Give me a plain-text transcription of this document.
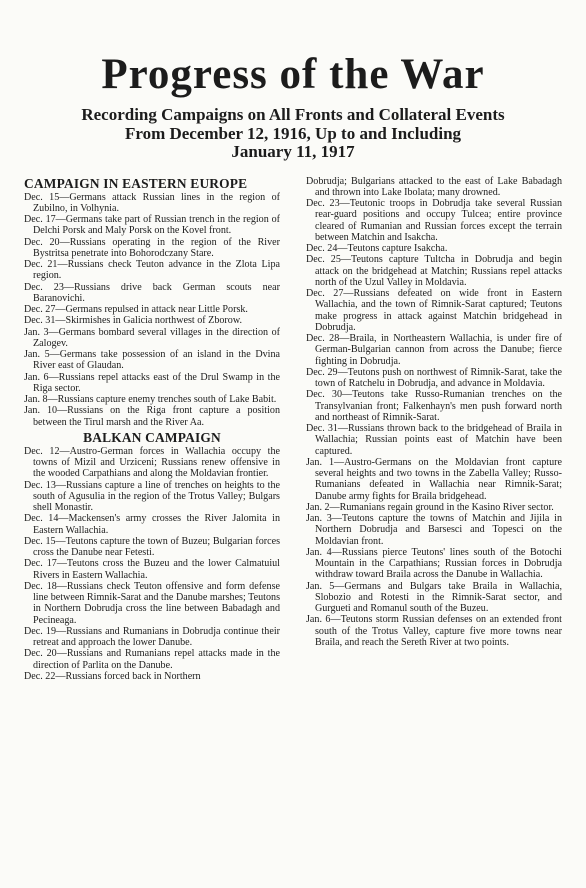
Progress of the War
Recording Campaigns on All Fronts and Collateral Events
From December 12, 1916, Up to and Including
January 11, 1917
CAMPAIGN IN EASTERN EUROPE

Dec. 15—Germans attack Russian lines in the region of Zubilno, in Volhynia.

Dec. 17—Germans take part of Russian trench in the region of Delchi Porsk and Maly Porsk on the Kovel front.

Dec. 20—Russians operating in the region of the River Bystritsa penetrate into Bohorodczany Stare.

Dec. 21—Russians check Teuton advance in the Zlota Lipa region.

Dec. 23—Russians drive back German scouts near Baranovichi.

Dec. 27—Germans repulsed in attack near Little Porsk.

Dec. 31—Skirmishes in Galicia northwest of Zborow.

Jan. 3—Germans bombard several villages in the direction of Zalogev.

Jan. 5—Germans take possession of an island in the Dvina River east of Glaudan.

Jan. 6—Russians repel attacks east of the Drul Swamp in the Riga sector.

Jan. 8—Russians capture enemy trenches south of Lake Babit.

Jan. 10—Russians on the Riga front capture a position between the Tirul marsh and the River Aa.

BALKAN CAMPAIGN

Dec. 12—Austro-German forces in Wallachia occupy the towns of Mizil and Urziceni; Russians renew offensive in the wooded Carpathians and along the Moldavian frontier.

Dec. 13—Russians capture a line of trenches on heights to the south of Agusulia in the region of the Trotus Valley; Bulgars shell Monastir.

Dec. 14—Mackensen's army crosses the River Jalomita in Eastern Wallachia.

Dec. 15—Teutons capture the town of Buzeu; Bulgarian forces cross the Danube near Fetesti.

Dec. 17—Teutons cross the Buzeu and the lower Calmatuiul Rivers in Eastern Wallachia.

Dec. 18—Russians check Teuton offensive and form defense line between Rimnik-Sarat and the Danube marshes; Teutons in Northern Dobrudja cross the line between Babadagh and Pecineaga.

Dec. 19—Russians and Rumanians in Dobrudja continue their retreat and approach the lower Danube.

Dec. 20—Russians and Rumanians repel attacks made in the direction of Parlita on the Danube.

Dec. 22—Russians forced back in Northern

Dobrudja; Bulgarians attacked to the east of Lake Babadagh and thrown into Lake Ibolata; many drowned.

Dec. 23—Teutonic troops in Dobrudja take several Russian rear-guard positions and occupy Tulcea; entire province cleared of Rumanian and Russian forces except the terrain between Matchin and Isakcha.

Dec. 24—Teutons capture Isakcha.

Dec. 25—Teutons capture Tultcha in Dobrudja and begin attack on the bridgehead at Matchin; Russians repel attacks north of the Uzul Valley in Moldavia.

Dec. 27—Russians defeated on wide front in Eastern Wallachia, and the town of Rimnik-Sarat captured; Teutons make progress in attack against Matchin bridgehead in Dobrudja.

Dec. 28—Braila, in Northeastern Wallachia, is under fire of German-Bulgarian cannon from across the Danube; fierce fighting in Dobrudja.

Dec. 29—Teutons push on northwest of Rimnik-Sarat, take the town of Ratchelu in Dobrudja, and advance in Moldavia.

Dec. 30—Teutons take Russo-Rumanian trenches on the Transylvanian front; Falkenhayn's men push forward north and northeast of Rimnik-Sarat.

Dec. 31—Russians thrown back to the bridgehead of Braila in Wallachia; Russian points east of Matchin have been captured.

Jan. 1—Austro-Germans on the Moldavian front capture several heights and two towns in the Zabella Valley; Russo-Rumanians defeated in Wallachia near Rimnik-Sarat; Danube army fights for Braila bridgehead.

Jan. 2—Rumanians regain ground in the Kasino River sector.

Jan. 3—Teutons capture the towns of Matchin and Jijila in Northern Dobrudja and Barsesci and Topesci on the Moldavian front.

Jan. 4—Russians pierce Teutons' lines south of the Botochi Mountain in the Carpathians; Russian forces in Dobrudja withdraw toward Braila across the Danube in Wallachia.

Jan. 5—Germans and Bulgars take Braila in Wallachia, Slobozio and Rotesti in the Rimnik-Sarat sector, and Gurgueti and Romanul south of the Buzeu.

Jan. 6—Teutons storm Russian defenses on an extended front south of the Trotus Valley, capture five more towns near Braila, and reach the Sereth River at two points.
